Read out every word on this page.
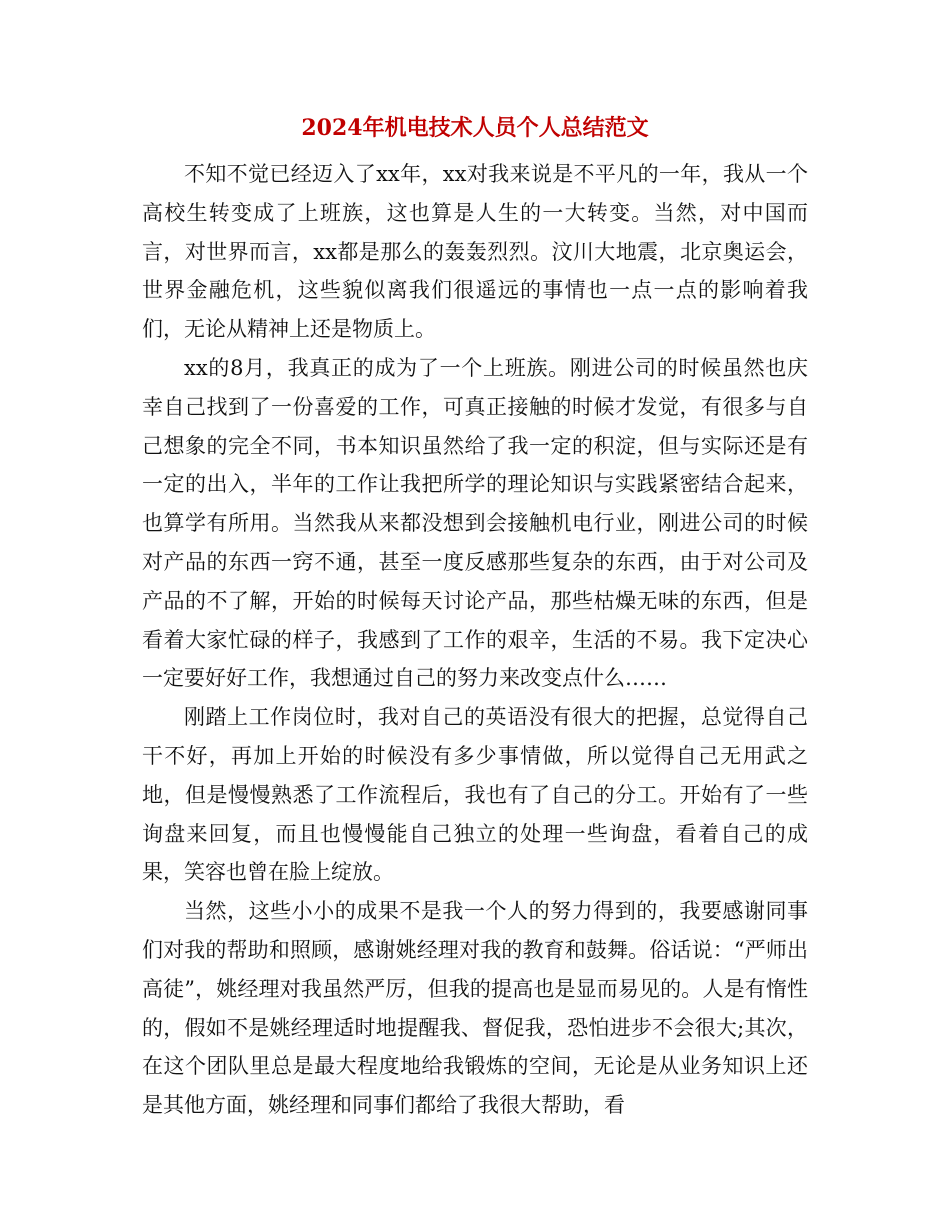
2024年机电技术人员个人总结范文

不知不觉已经迈入了xx年，xx对我来说是不平凡的一年，我从一个高校生转变成了上班族，这也算是人生的一大转变。当然，对中国而言，对世界而言，xx都是那么的轰轰烈烈。汶川大地震，北京奥运会，世界金融危机，这些貌似离我们很遥远的事情也一点一点的影响着我们，无论从精神上还是物质上。

xx的8月，我真正的成为了一个上班族。刚进公司的时候虽然也庆幸自己找到了一份喜爱的工作，可真正接触的时候才发觉，有很多与自己想象的完全不同，书本知识虽然给了我一定的积淀，但与实际还是有一定的出入，半年的工作让我把所学的理论知识与实践紧密结合起来，也算学有所用。当然我从来都没想到会接触机电行业，刚进公司的时候对产品的东西一窍不通，甚至一度反感那些复杂的东西，由于对公司及产品的不了解，开始的时候每天讨论产品，那些枯燥无味的东西，但是看着大家忙碌的样子，我感到了工作的艰辛，生活的不易。我下定决心一定要好好工作，我想通过自己的努力来改变点什么……

刚踏上工作岗位时，我对自己的英语没有很大的把握，总觉得自己干不好，再加上开始的时候没有多少事情做，所以觉得自己无用武之地，但是慢慢熟悉了工作流程后，我也有了自己的分工。开始有了一些询盘来回复，而且也慢慢能自己独立的处理一些询盘，看着自己的成果，笑容也曾在脸上绽放。

当然，这些小小的成果不是我一个人的努力得到的，我要感谢同事们对我的帮助和照顾，感谢姚经理对我的教育和鼓舞。俗话说：“严师出高徒”，姚经理对我虽然严厉，但我的提高也是显而易见的。人是有惰性的，假如不是姚经理适时地提醒我、督促我，恐怕进步不会很大;其次，在这个团队里总是最大程度地给我锻炼的空间，无论是从业务知识上还是其他方面，姚经理和同事们都给了我很大帮助，看
